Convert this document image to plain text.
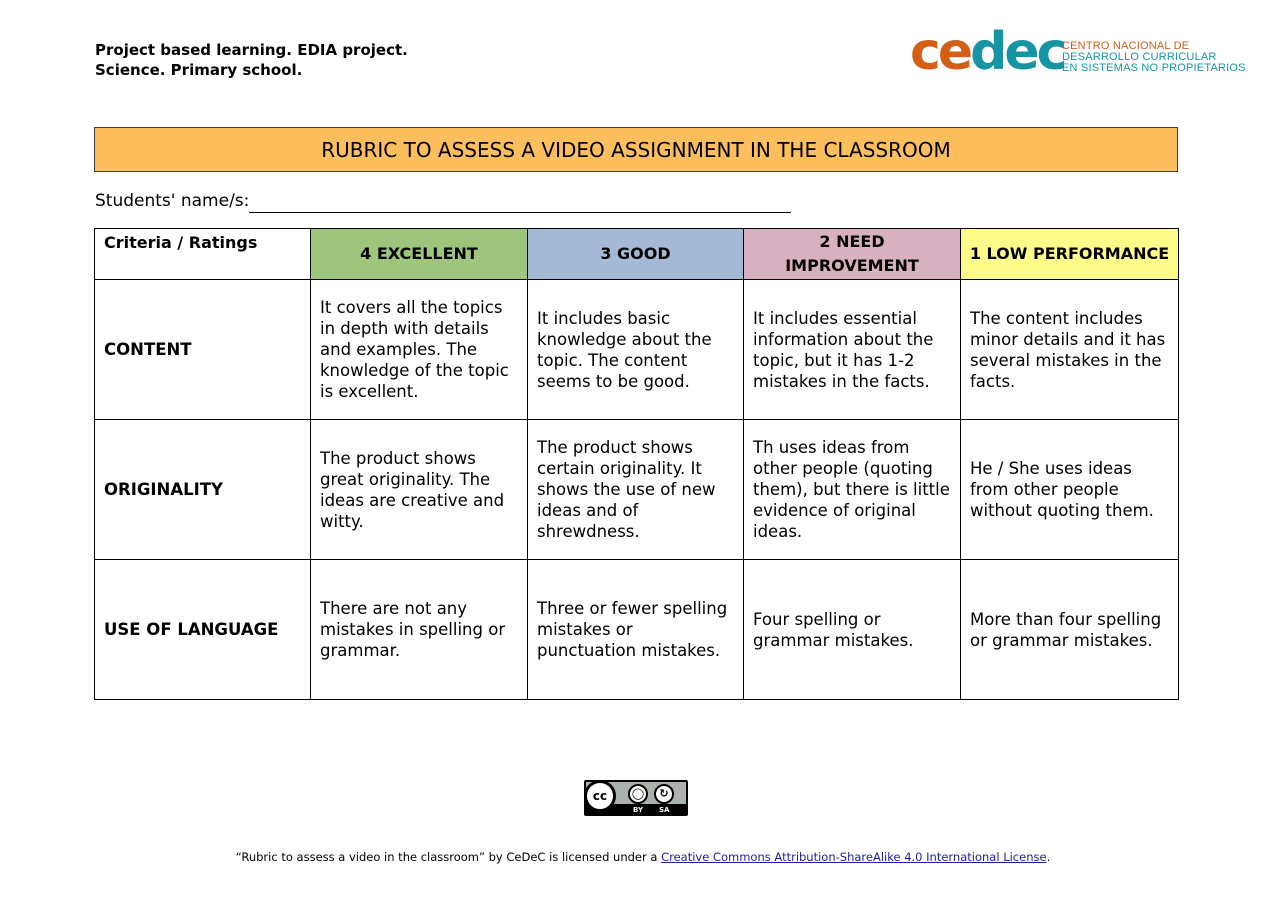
Project based learning. EDIA project.
Science. Primary school.	cedec
CENTRO NACIONAL DE
DESARROLLO CURRICULAR
EN SISTEMAS NO PROPIETARIOS
RUBRIC TO ASSESS A VIDEO ASSIGNMENT IN THE CLASSROOM
Students' name/s:
Criteria / Ratings	4 EXCELLENT	3 GOOD	2 NEED IMPROVEMENT	1 LOW PERFORMANCE
CONTENT	It covers all the topics in depth with details and examples. The knowledge of the topic is excellent.	It includes basic knowledge about the topic. The content seems to be good.	It includes essential information about the topic, but it has 1-2 mistakes in the facts.	The content includes minor details and it has several mistakes in the facts.
ORIGINALITY	The product shows great originality. The ideas are creative and witty.	The product shows certain originality. It shows the use of new ideas and of shrewdness.	Th uses ideas from other people (quoting them), but there is little evidence of original ideas.	He / She uses ideas from other people without quoting them.
USE OF LANGUAGE	There are not any mistakes in spelling or grammar.	Three or fewer spelling mistakes or punctuation mistakes.	Four spelling or grammar mistakes.	More than four spelling or grammar mistakes.
cc	◯	↻
BY SA
“Rubric to assess a video in the classroom” by CeDeC is licensed under a Creative Commons Attribution-ShareAlike 4.0 International License.
